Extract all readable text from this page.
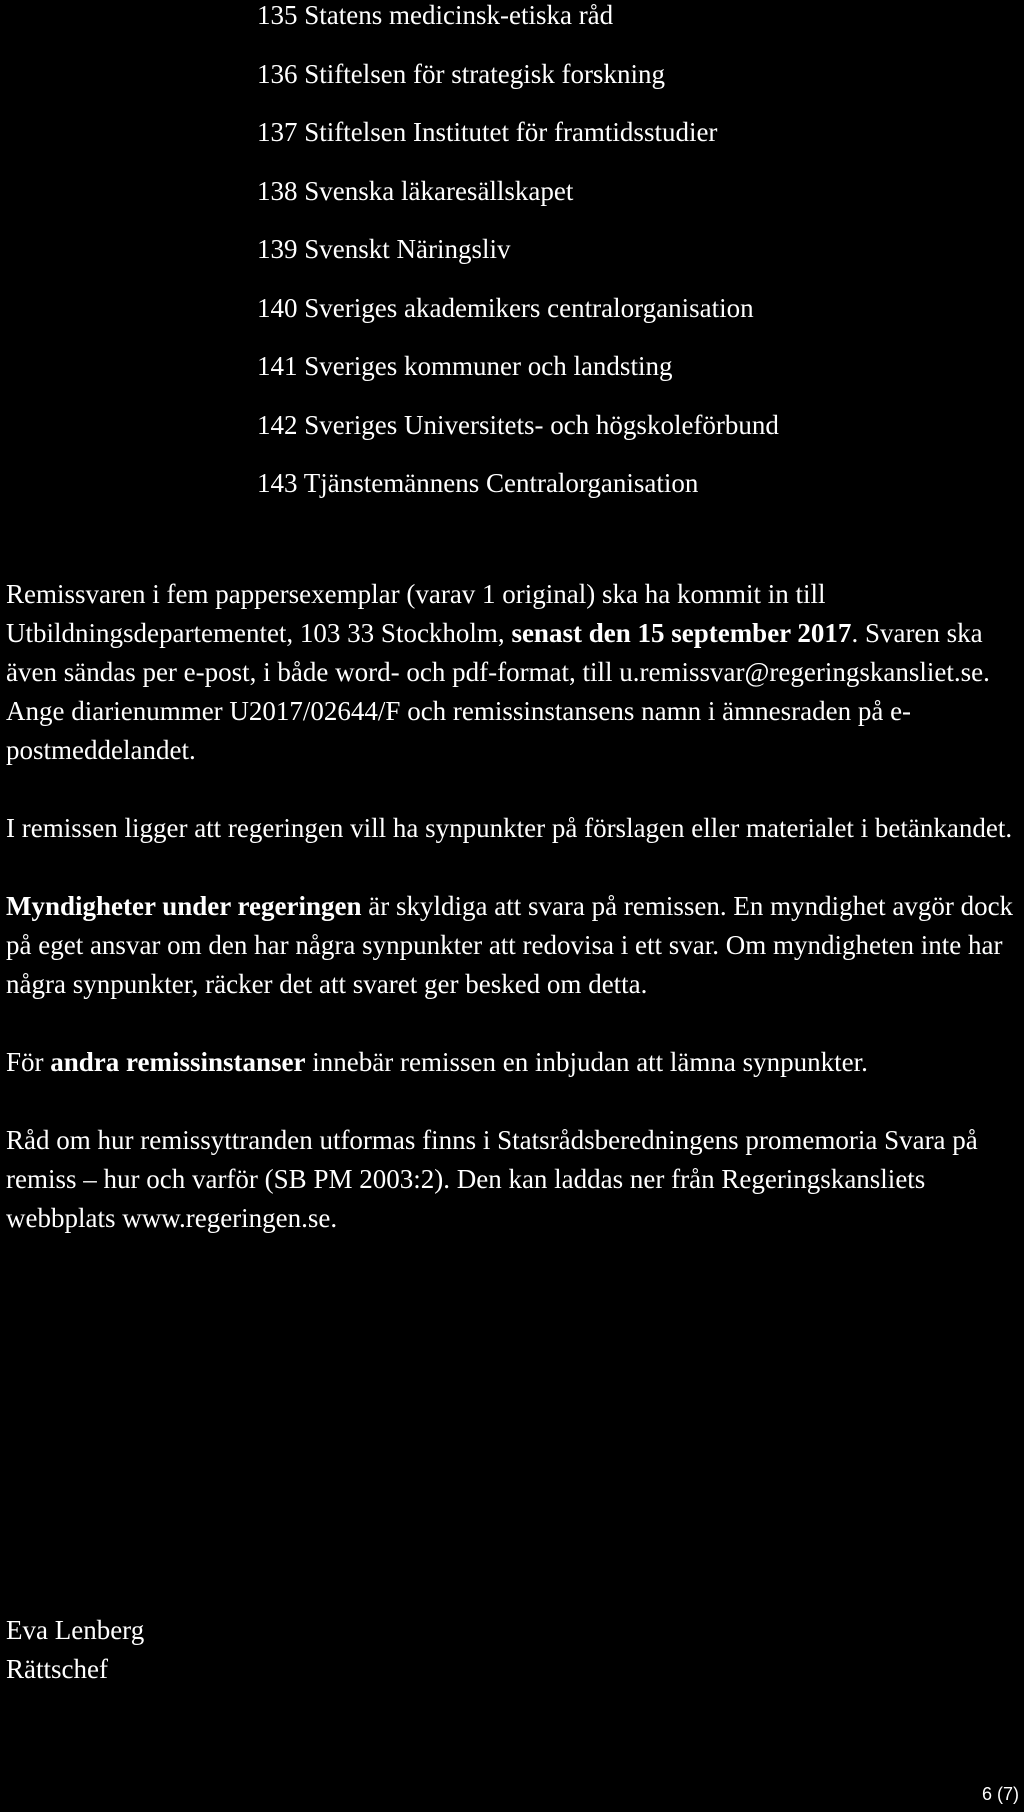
135 Statens medicinsk-etiska råd
136 Stiftelsen för strategisk forskning
137 Stiftelsen Institutet för framtidsstudier
138 Svenska läkaresällskapet
139 Svenskt Näringsliv
140 Sveriges akademikers centralorganisation
141 Sveriges kommuner och landsting
142 Sveriges Universitets- och högskoleförbund
143 Tjänstemännens Centralorganisation

Remissvaren i fem pappersexemplar (varav 1 original) ska ha kommit in till Utbildningsdepartementet, 103 33 Stockholm, senast den 15 september 2017. Svaren ska även sändas per e-post, i både word- och pdf-format, till u.remissvar@regeringskansliet.se. Ange diarienummer U2017/02644/F och remissinstansens namn i ämnesraden på e-postmeddelandet.

I remissen ligger att regeringen vill ha synpunkter på förslagen eller materialet i betänkandet.

Myndigheter under regeringen är skyldiga att svara på remissen. En myndighet avgör dock på eget ansvar om den har några synpunkter att redovisa i ett svar. Om myndigheten inte har några synpunkter, räcker det att svaret ger besked om detta.

För andra remissinstanser innebär remissen en inbjudan att lämna synpunkter.

Råd om hur remissyttranden utformas finns i Statsrådsberedningens promemoria Svara på remiss – hur och varför (SB PM 2003:2). Den kan laddas ner från Regeringskansliets webbplats www.regeringen.se.

Eva Lenberg
Rättschef
6 (7)
